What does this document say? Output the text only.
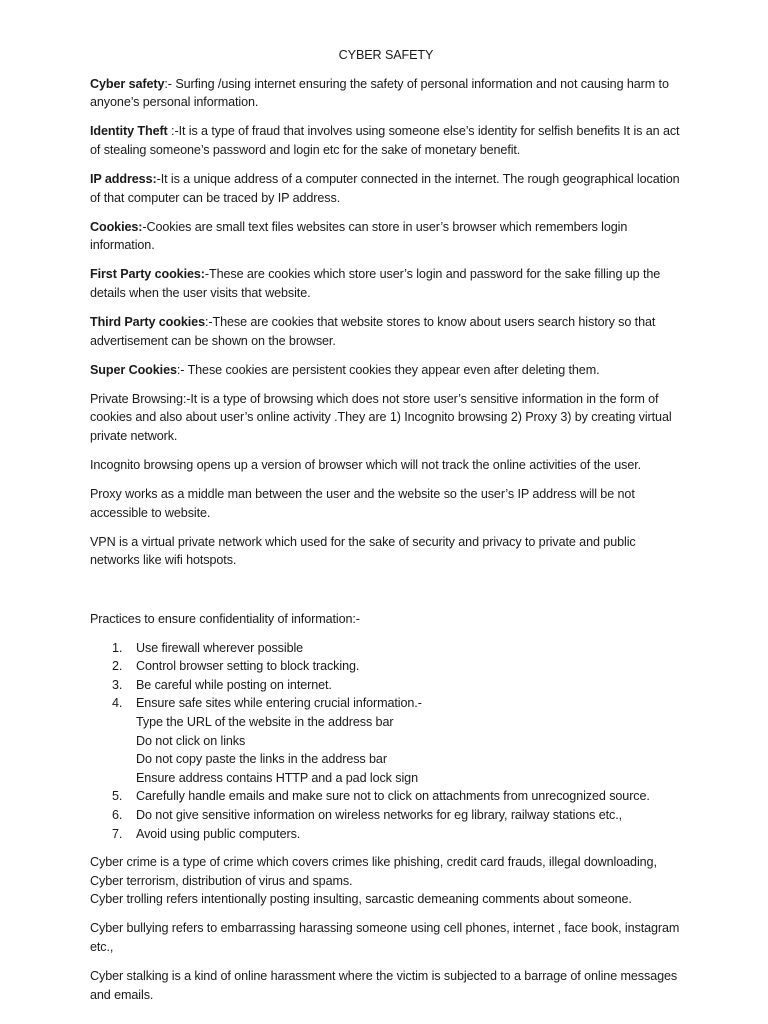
CYBER SAFETY

Cyber safety:- Surfing /using internet ensuring the safety of personal information and not causing harm to anyone’s personal information.

Identity Theft :-It is a type of fraud that involves using someone else’s identity for selfish benefits It is an act of stealing someone’s password and login etc for the sake of monetary benefit.

IP address:-It is a unique address of a computer connected in the internet. The rough geographical location of that computer can be traced by IP address.

Cookies:-Cookies are small text files websites can store in user’s browser which remembers login information.

First Party cookies:-These are cookies which store user’s login and password for the sake filling up the details when the user visits that website.

Third Party cookies:-These are cookies that website stores to know about users search history so that advertisement can be shown on the browser.

Super Cookies:- These cookies are persistent cookies they appear even after deleting them.

Private Browsing:-It is a type of browsing which does not store user’s sensitive information in the form of cookies and also about user’s online activity .They are 1) Incognito browsing 2) Proxy 3) by creating virtual private network.

Incognito browsing opens up a version of browser which will not track the online activities of the user.

Proxy works as a middle man between the user and the website so the user’s IP address will be not accessible to website.

VPN is a virtual private network which used for the sake of security and privacy to private and public networks like wifi hotspots.

Practices to ensure confidentiality of information:-

1. Use firewall wherever possible
2. Control browser setting to block tracking.
3. Be careful while posting on internet.
4. Ensure safe sites while entering crucial information.-
Type the URL of the website in the address bar
Do not click on links
Do not copy paste the links in the address bar
Ensure address contains HTTP and a pad lock sign
5. Carefully handle emails and make sure not to click on attachments from unrecognized source.
6. Do not give sensitive information on wireless networks for eg library, railway stations etc.,
7. Avoid using public computers.

Cyber crime is a type of crime which covers crimes like phishing, credit card frauds, illegal downloading, Cyber terrorism, distribution of virus and spams.
Cyber trolling refers intentionally posting insulting, sarcastic demeaning comments about someone.

Cyber bullying refers to embarrassing harassing someone using cell phones, internet , face book, instagram etc.,

Cyber stalking is a kind of online harassment where the victim is subjected to a barrage of online messages and emails.
